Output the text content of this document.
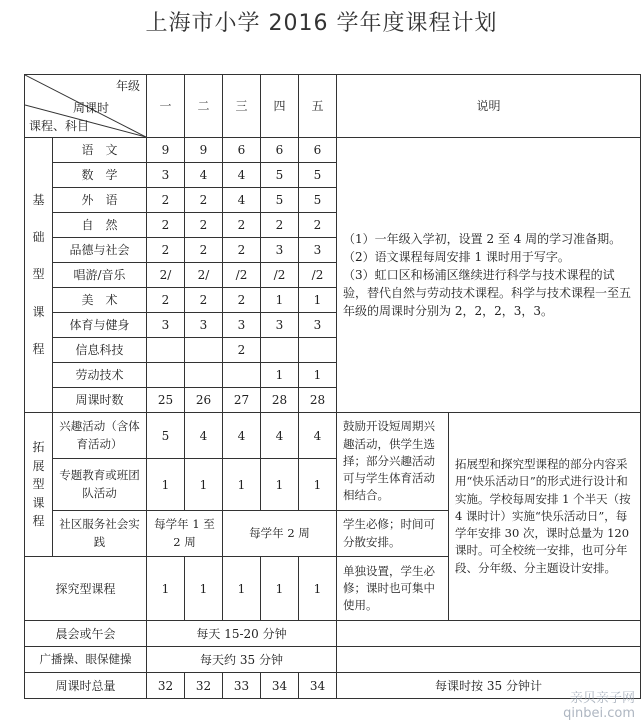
上海市小学 2016 学年度课程计划
年级
周课时
课程、科目		一	二	三	四	五	说明	
基础型课程	语　文	9	9	6	6	6	（1）一年级入学初，设置 2 至 4 周的学习准备期。
（2）语文课程每周安排 1 课时用于写字。
（3）虹口区和杨浦区继续进行科学与技术课程的试验，替代自然与劳动技术课程。科学与技术课程一至五年级的周课时分别为 2，2，2，3，3。	

	数　学	3	4	4	5	5		
	外　语	2	2	4	5	5		
	自　然	2	2	2	2	2		
	品德与社会	2	2	2	3	3		
	唱游/音乐	2/	2/	/2	/2	/2		
	美　术	2	2	2	1	1		
	体育与健身	3	3	3	3	3		
	信息科技			2				
	劳动技术				1	1		
	周课时数	25	26	27	28	28		
拓展型课程	兴趣活动（含体育活动）	5	4	4	4	4	鼓励开设短周期兴趣活动，供学生选择；部分兴趣活动可与学生体育活动相结合。	拓展型和探究型课程的部分内容采用“快乐活动日”的形式进行设计和实施。学校每周安排 1 个半天（按 4 课时计）实施“快乐活动日”，每学年安排 30 次，课时总量为 120 课时。可全校统一安排，也可分年段、分年级、分主题设计安排。
	专题教育或班团队活动	1	1	1	1	1		
	社区服务社会实践	每学年 1 至 2 周		每学年 2 周			学生必修；时间可分散安排。	
探究型课程		1	1	1	1	1	单独设置，学生必修；课时也可集中使用。	
晨会或午会		每天 15-20 分钟						
广播操、眼保健操		每天约 35 分钟						
周课时总量		32	32	33	34	34	每课时按 35 分钟计	
亲贝亲子网
qinbei.com
